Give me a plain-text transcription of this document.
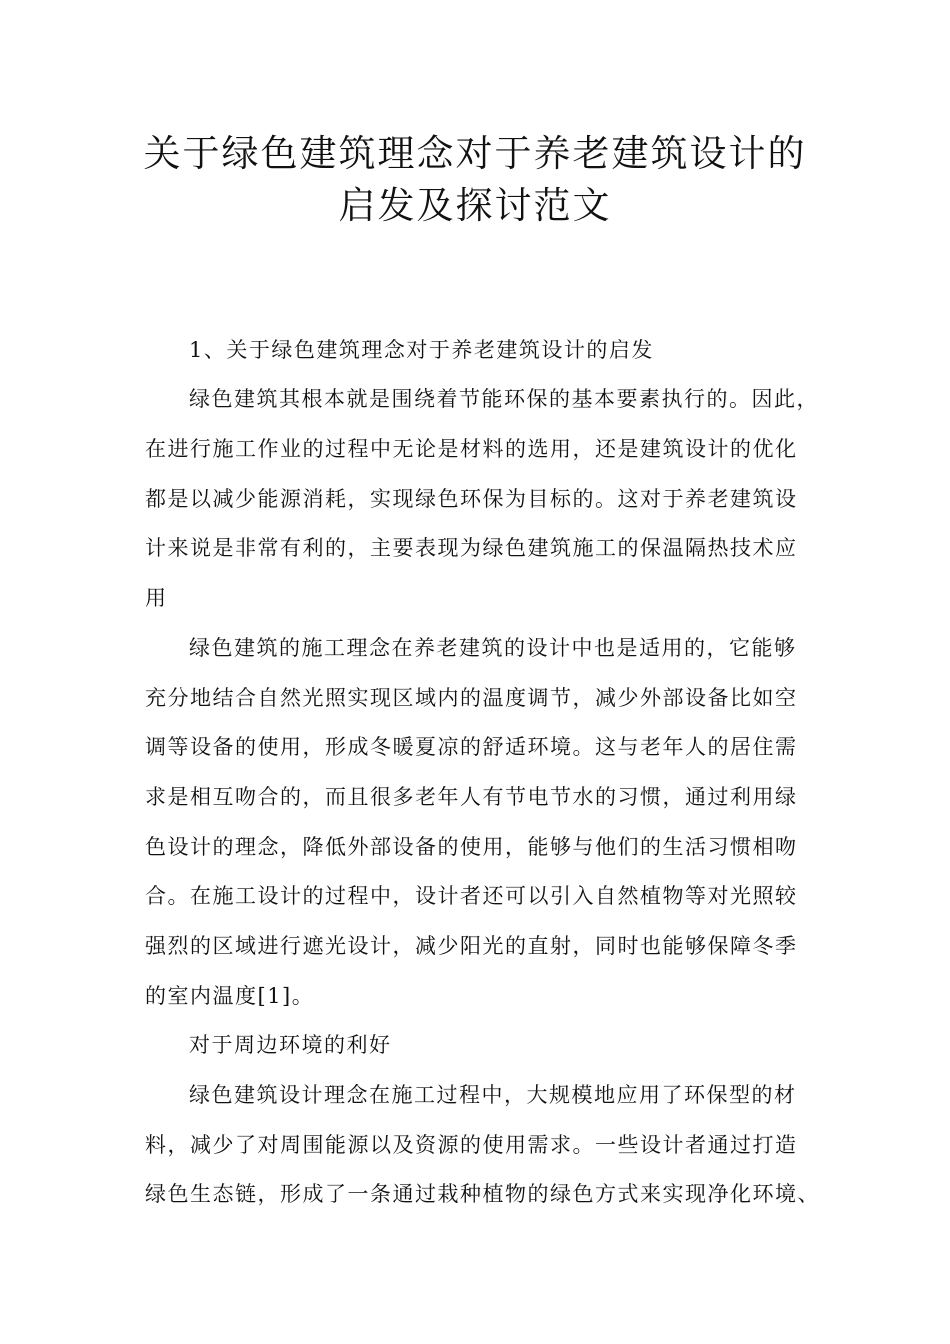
关于绿色建筑理念对于养老建筑设计的
启发及探讨范文
1、关于绿色建筑理念对于养老建筑设计的启发
绿色建筑其根本就是围绕着节能环保的基本要素执行的。因此，
在进行施工作业的过程中无论是材料的选用，还是建筑设计的优化
都是以减少能源消耗，实现绿色环保为目标的。这对于养老建筑设
计来说是非常有利的，主要表现为绿色建筑施工的保温隔热技术应
用
绿色建筑的施工理念在养老建筑的设计中也是适用的，它能够
充分地结合自然光照实现区域内的温度调节，减少外部设备比如空
调等设备的使用，形成冬暖夏凉的舒适环境。这与老年人的居住需
求是相互吻合的，而且很多老年人有节电节水的习惯，通过利用绿
色设计的理念，降低外部设备的使用，能够与他们的生活习惯相吻
合。在施工设计的过程中，设计者还可以引入自然植物等对光照较
强烈的区域进行遮光设计，减少阳光的直射，同时也能够保障冬季
的室内温度[1]。
对于周边环境的利好
绿色建筑设计理念在施工过程中，大规模地应用了环保型的材
料，减少了对周围能源以及资源的使用需求。一些设计者通过打造
绿色生态链，形成了一条通过栽种植物的绿色方式来实现净化环境、
